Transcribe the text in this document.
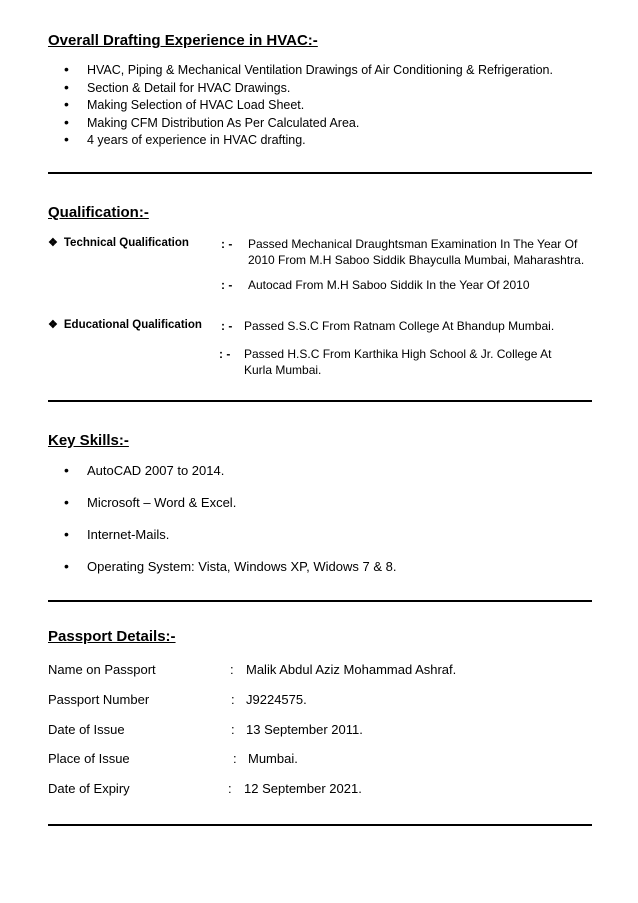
Overall Drafting Experience in HVAC:-
• HVAC, Piping & Mechanical Ventilation Drawings of Air Conditioning & Refrigeration.
• Section & Detail for HVAC Drawings.
• Making Selection of HVAC Load Sheet.
• Making CFM Distribution As Per Calculated Area.
• 4 years of experience in HVAC drafting.
Qualification:-
❖ Technical Qualification	: - Passed Mechanical Draughtsman Examination In The Year Of
2010 From M.H Saboo Siddik Bhayculla Mumbai, Maharashtra.
: - Autocad From M.H Saboo Siddik In the Year Of 2010
❖ Educational Qualification : - Passed S.S.C From Ratnam College At Bhandup Mumbai.
: - Passed H.S.C From Karthika High School & Jr. College At
Kurla Mumbai.
Key Skills:-
• AutoCAD 2007 to 2014.
• Microsoft – Word & Excel.
• Internet-Mails.
• Operating System: Vista, Windows XP, Widows 7 & 8.
Passport Details:-
Name on Passport	: Malik Abdul Aziz Mohammad Ashraf.
Passport Number	: J9224575.
Date of Issue	: 13 September 2011.
Place of Issue	: Mumbai.
Date of Expiry	: 12 September 2021.
